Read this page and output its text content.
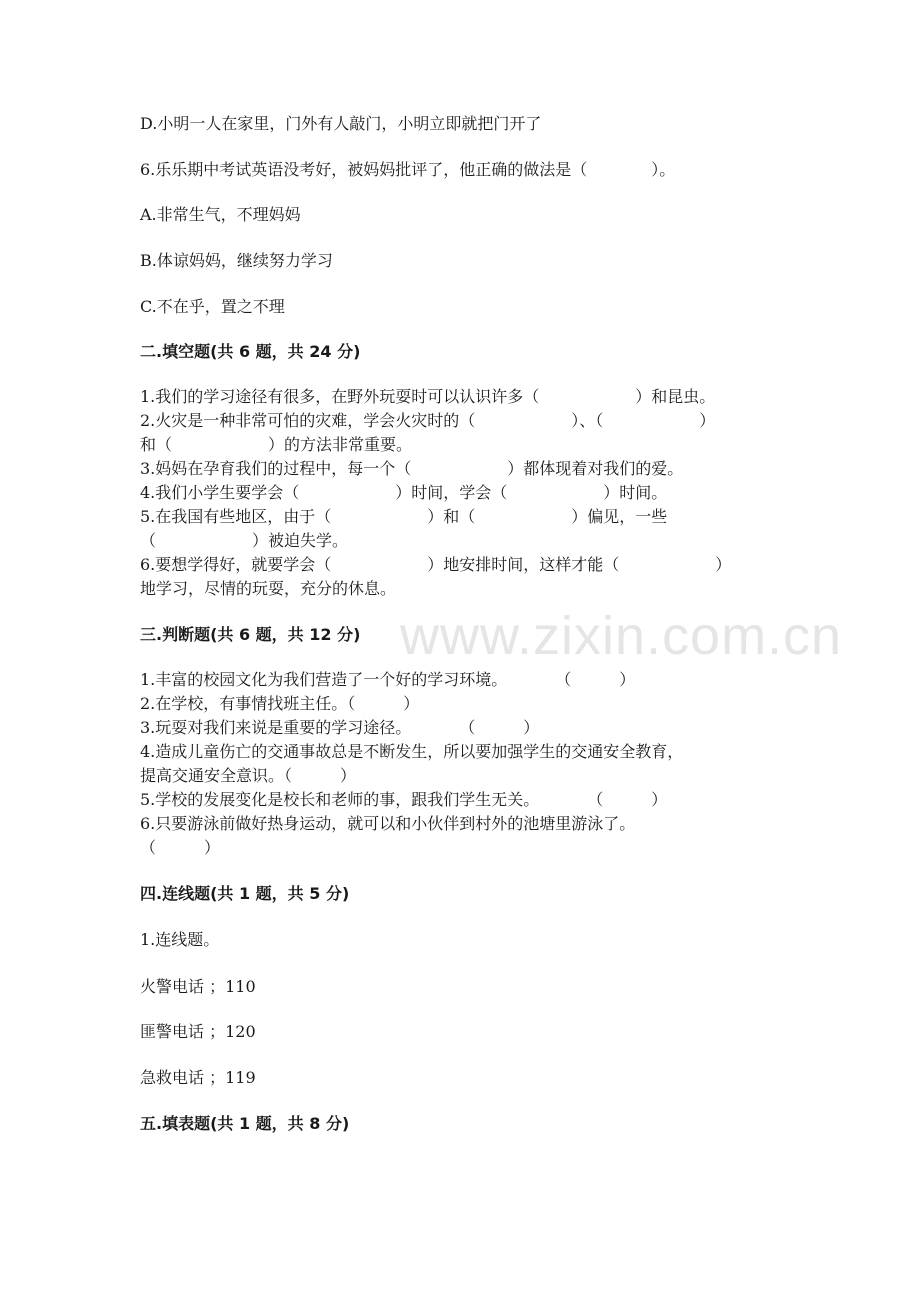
D.小明一人在家里，门外有人敲门，小明立即就把门开了
6.乐乐期中考试英语没考好，被妈妈批评了，他正确的做法是（　　　　）。
A.非常生气，不理妈妈
B.体谅妈妈，继续努力学习
C.不在乎，置之不理
二.填空题(共 6 题，共 24 分)
1.我们的学习途径有很多，在野外玩耍时可以认识许多（　　　　　　）和昆虫。
2.火灾是一种非常可怕的灾难，学会火灾时的（　　　　　　）、（　　　　　　）
和（　　　　　　）的方法非常重要。
3.妈妈在孕育我们的过程中，每一个（　　　　　　）都体现着对我们的爱。
4.我们小学生要学会（　　　　　　）时间，学会（　　　　　　）时间。
5.在我国有些地区，由于（　　　　　　）和（　　　　　　）偏见，一些
（　　　　　　）被迫失学。
6.要想学得好，就要学会（　　　　　　）地安排时间，这样才能（　　　　　　）
地学习，尽情的玩耍，充分的休息。
三.判断题(共 6 题，共 12 分)
1.丰富的校园文化为我们营造了一个好的学习环境。　　　　（　　　）
2.在学校，有事情找班主任。（　　　）
3.玩耍对我们来说是重要的学习途径。　　　　（　　　）
4.造成儿童伤亡的交通事故总是不断发生，所以要加强学生的交通安全教育，
提高交通安全意识。（　　　）
5.学校的发展变化是校长和老师的事，跟我们学生无关。　　　　（　　　）
6.只要游泳前做好热身运动，就可以和小伙伴到村外的池塘里游泳了。
（　　　）
四.连线题(共 1 题，共 5 分)
1.连线题。
火警电话 ；110
匪警电话 ；120
急救电话 ；119
五.填表题(共 1 题，共 8 分)
www.zixin.com.cn
